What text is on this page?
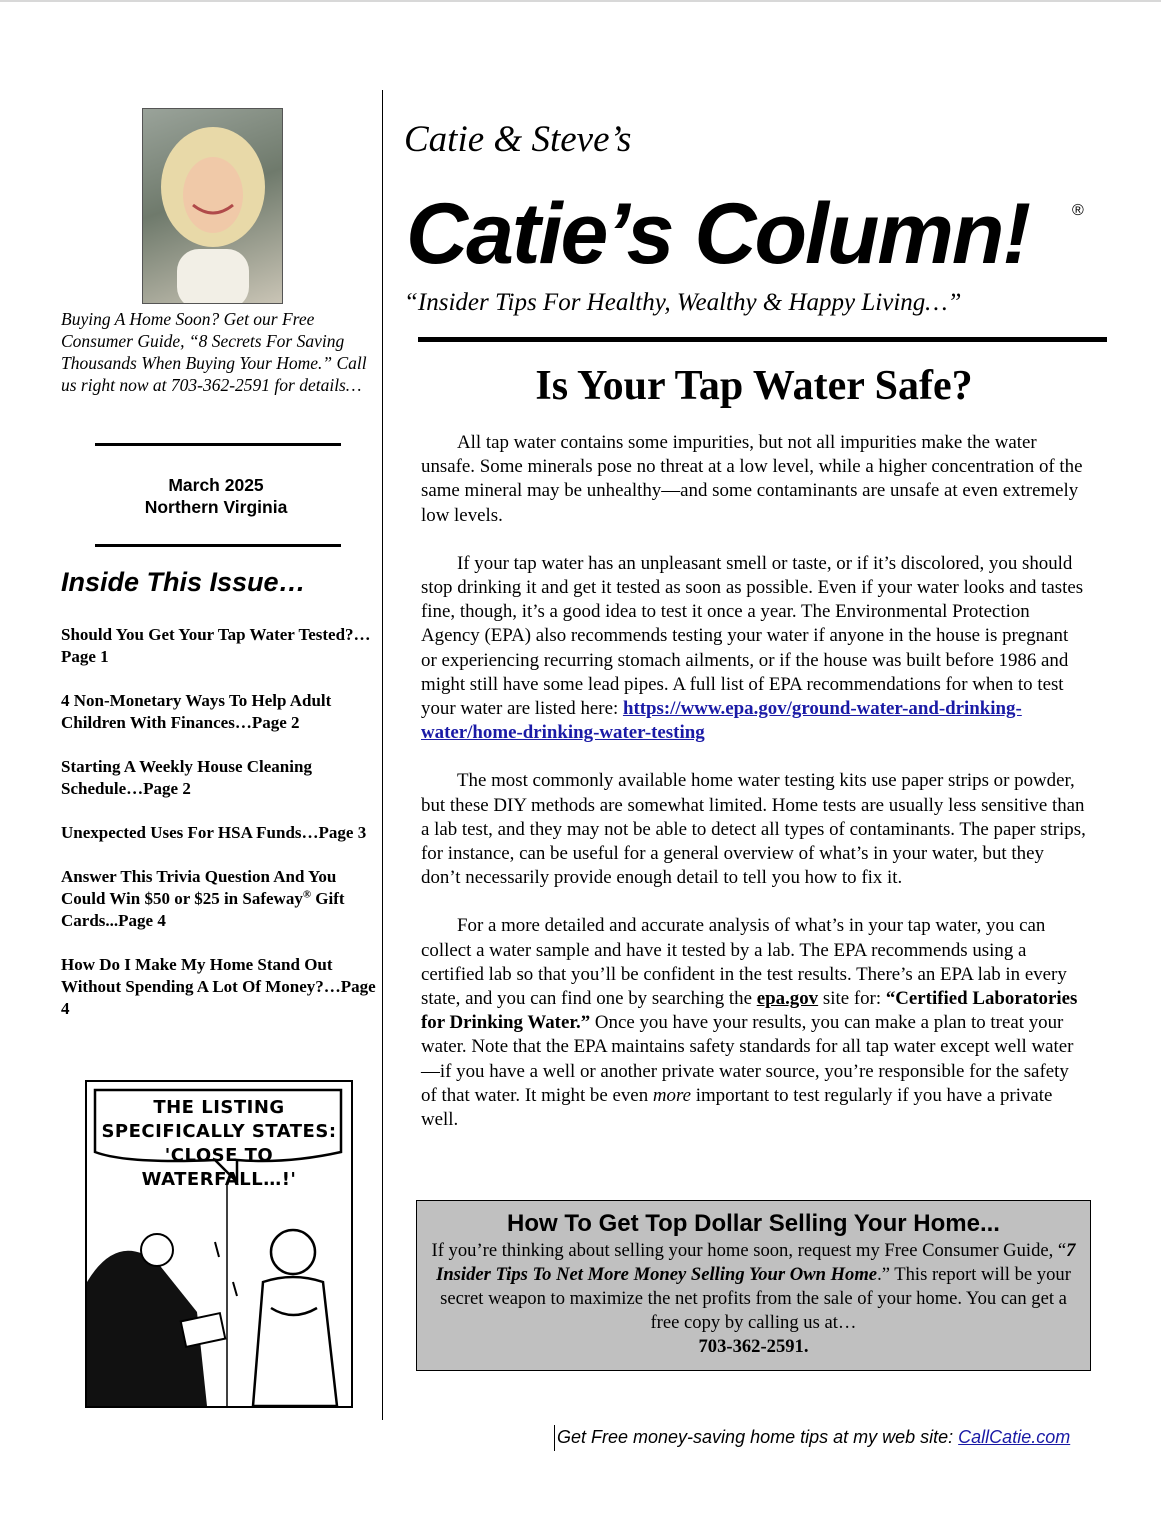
Buying A Home Soon? Get our Free Consumer Guide, “8 Secrets For Saving Thousands When Buying Your Home.” Call us right now at 703-362-2591 for details…
March 2025
Northern Virginia
Inside This Issue…
Should You Get Your Tap Water Tested?…Page 1
4 Non-Monetary Ways To Help Adult Children With Finances…Page 2
Starting A Weekly House Cleaning Schedule…Page 2
Unexpected Uses For HSA Funds…Page 3
Answer This Trivia Question And You Could Win $50 or $25 in Safeway® Gift Cards...Page 4
How Do I Make My Home Stand Out Without Spending A Lot Of Money?…Page 4
THE LISTING SPECIFICALLY STATES: 'CLOSE TO WATERFALL…!'
Catie & Steve’s
Catie’s Column!	®
“Insider Tips For Healthy, Wealthy & Happy Living…”
Is Your Tap Water Safe?

All tap water contains some impurities, but not all impurities make the water unsafe. Some minerals pose no threat at a low level, while a higher concentration of the same mineral may be unhealthy—and some contaminants are unsafe at even extremely low levels.

If your tap water has an unpleasant smell or taste, or if it’s discolored, you should stop drinking it and get it tested as soon as possible. Even if your water looks and tastes fine, though, it’s a good idea to test it once a year. The Environmental Protection Agency (EPA) also recommends testing your water if anyone in the house is pregnant or experiencing recurring stomach ailments, or if the house was built before 1986 and might still have some lead pipes. A full list of EPA recommendations for when to test your water are listed here: https://www.epa.gov/ground-water-and-drinking-water/home-drinking-water-testing

The most commonly available home water testing kits use paper strips or powder, but these DIY methods are somewhat limited. Home tests are usually less sensitive than a lab test, and they may not be able to detect all types of contaminants. The paper strips, for instance, can be useful for a general overview of what’s in your water, but they don’t necessarily provide enough detail to tell you how to fix it.

For a more detailed and accurate analysis of what’s in your tap water, you can collect a water sample and have it tested by a lab. The EPA recommends using a certified lab so that you’ll be confident in the test results. There’s an EPA lab in every state, and you can find one by searching the epa.gov site for: “Certified Laboratories for Drinking Water.” Once you have your results, you can make a plan to treat your water. Note that the EPA maintains safety standards for all tap water except well water—if you have a well or another private water source, you’re responsible for the safety of that water. It might be even more important to test regularly if you have a private well.

How To Get Top Dollar Selling Your Home...
If you’re thinking about selling your home soon, request my Free Consumer Guide, “7 Insider Tips To Net More Money Selling Your Own Home.” This report will be your secret weapon to maximize the net profits from the sale of your home. You can get a free copy by calling us at…
703-362-2591.
Get Free money-saving home tips at my web site: CallCatie.com
